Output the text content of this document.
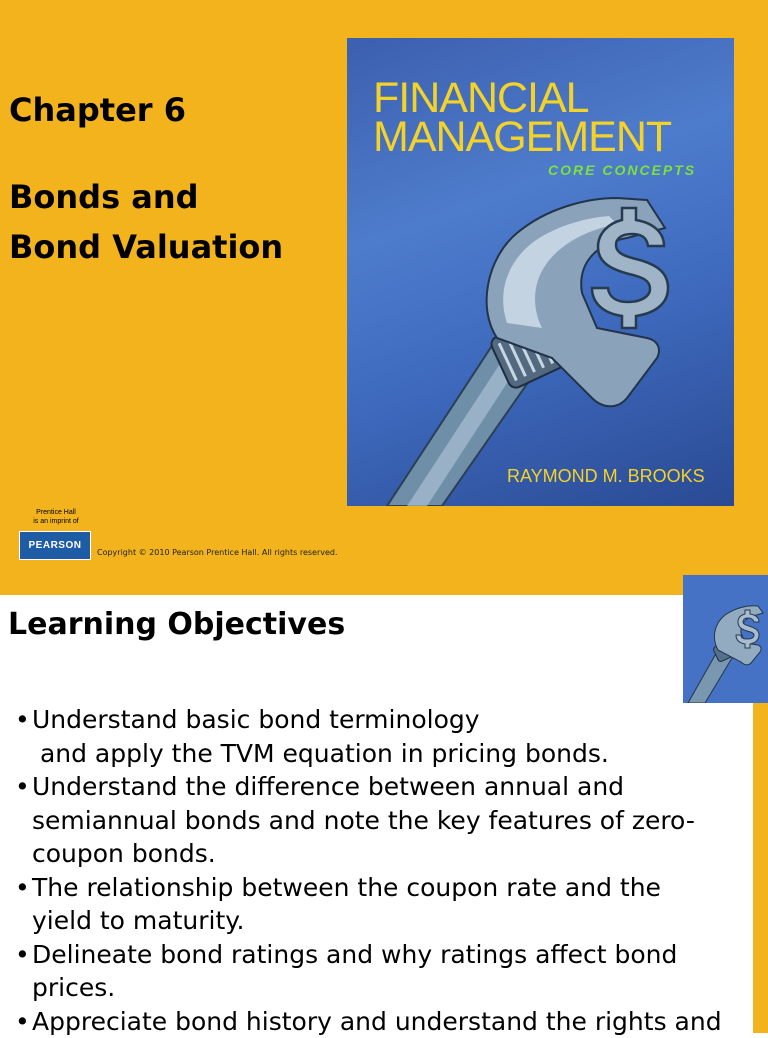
Chapter 6
Bonds and
Bond Valuation
FINANCIAL
MANAGEMENT
CORE CONCEPTS
RAYMOND M. BROOKS
Prentice Hall
is an imprint of
PEARSON
Copyright © 2010 Pearson Prentice Hall. All rights reserved.
Learning Objectives
• Understand basic bond terminology
and apply the TVM equation in pricing bonds.
• Understand the difference between annual and
semiannual bonds and note the key features of zero-
coupon bonds.
• The relationship between the coupon rate and the
yield to maturity.
• Delineate bond ratings and why ratings affect bond
prices.
• Appreciate bond history and understand the rights and
